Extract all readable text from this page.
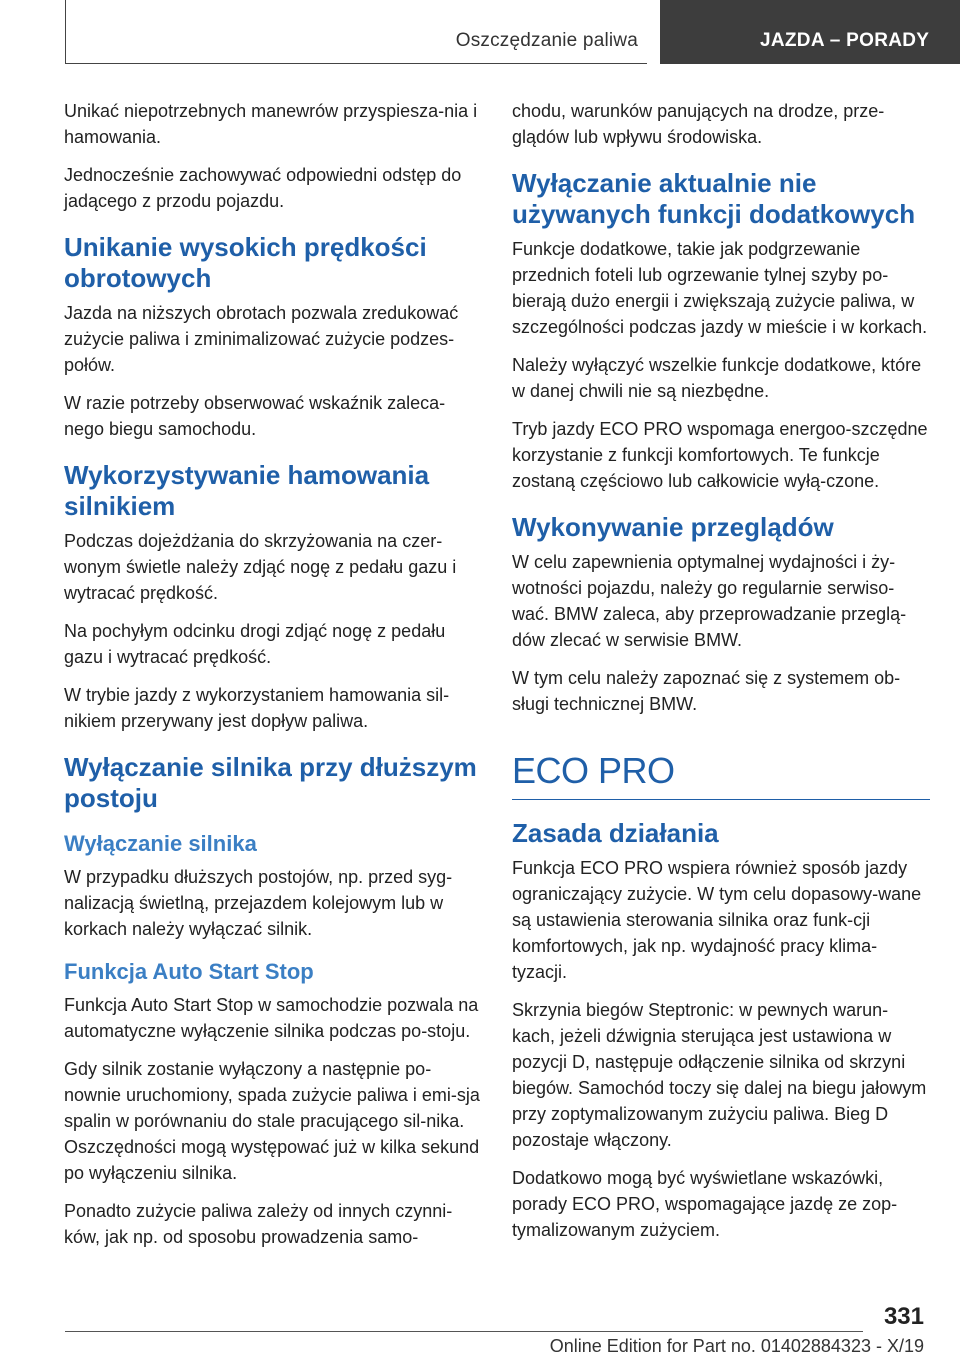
Oszczędzanie paliwa	JAZDA – PORADY

Unikać niepotrzebnych manewrów przyspiesza‐nia i hamowania.

Jednocześnie zachowywać odpowiedni odstęp do jadącego z przodu pojazdu.

Unikanie wysokich prędkości obrotowych

Jazda na niższych obrotach pozwala zredukować zużycie paliwa i zminimalizować zużycie podzes‐połów.

W razie potrzeby obserwować wskaźnik zaleca‐nego biegu samochodu.

Wykorzystywanie hamowania silnikiem

Podczas dojeżdżania do skrzyżowania na czer‐wonym świetle należy zdjąć nogę z pedału gazu i wytracać prędkość.

Na pochyłym odcinku drogi zdjąć nogę z pedału gazu i wytracać prędkość.

W trybie jazdy z wykorzystaniem hamowania sil‐nikiem przerywany jest dopływ paliwa.

Wyłączanie silnika przy dłuższym postoju
Wyłączanie silnika

W przypadku dłuższych postojów, np. przed syg‐nalizacją świetlną, przejazdem kolejowym lub w korkach należy wyłączać silnik.

Funkcja Auto Start Stop

Funkcja Auto Start Stop w samochodzie pozwala na automatyczne wyłączenie silnika podczas po‐stoju.

Gdy silnik zostanie wyłączony a następnie po‐nownie uruchomiony, spada zużycie paliwa i emi‐sja spalin w porównaniu do stale pracującego sil‐nika. Oszczędności mogą występować już w kilka sekund po wyłączeniu silnika.

Ponadto zużycie paliwa zależy od innych czynni‐ków, jak np. od sposobu prowadzenia samo‐

chodu, warunków panujących na drodze, prze‐glądów lub wpływu środowiska.

Wyłączanie aktualnie nie używanych funkcji dodatkowych

Funkcje dodatkowe, takie jak podgrzewanie przednich foteli lub ogrzewanie tylnej szyby po‐bierają dużo energii i zwiększają zużycie paliwa, w szczególności podczas jazdy w mieście i w korkach.

Należy wyłączyć wszelkie funkcje dodatkowe, które w danej chwili nie są niezbędne.

Tryb jazdy ECO PRO wspomaga energoo‐szczędne korzystanie z funkcji komfortowych. Te funkcje zostaną częściowo lub całkowicie wyłą‐czone.

Wykonywanie przeglądów

W celu zapewnienia optymalnej wydajności i ży‐wotności pojazdu, należy go regularnie serwiso‐wać. BMW zaleca, aby przeprowadzanie przeglą‐dów zlecać w serwisie BMW.

W tym celu należy zapoznać się z systemem ob‐sługi technicznej BMW.

ECO PRO
Zasada działania

Funkcja ECO PRO wspiera również sposób jazdy ograniczający zużycie. W tym celu dopasowy‐wane są ustawienia sterowania silnika oraz funk‐cji komfortowych, jak np. wydajność pracy klima‐tyzacji.

Skrzynia biegów Steptronic: w pewnych warun‐kach, jeżeli dźwignia sterująca jest ustawiona w pozycji D, następuje odłączenie silnika od skrzyni biegów. Samochód toczy się dalej na biegu jałowym przy zoptymalizowanym zużyciu paliwa. Bieg D pozostaje włączony.

Dodatkowo mogą być wyświetlane wskazówki, porady ECO PRO, wspomagające jazdę ze zop‐tymalizowanym zużyciem.

331
Online Edition for Part no. 01402884323 - X/19
